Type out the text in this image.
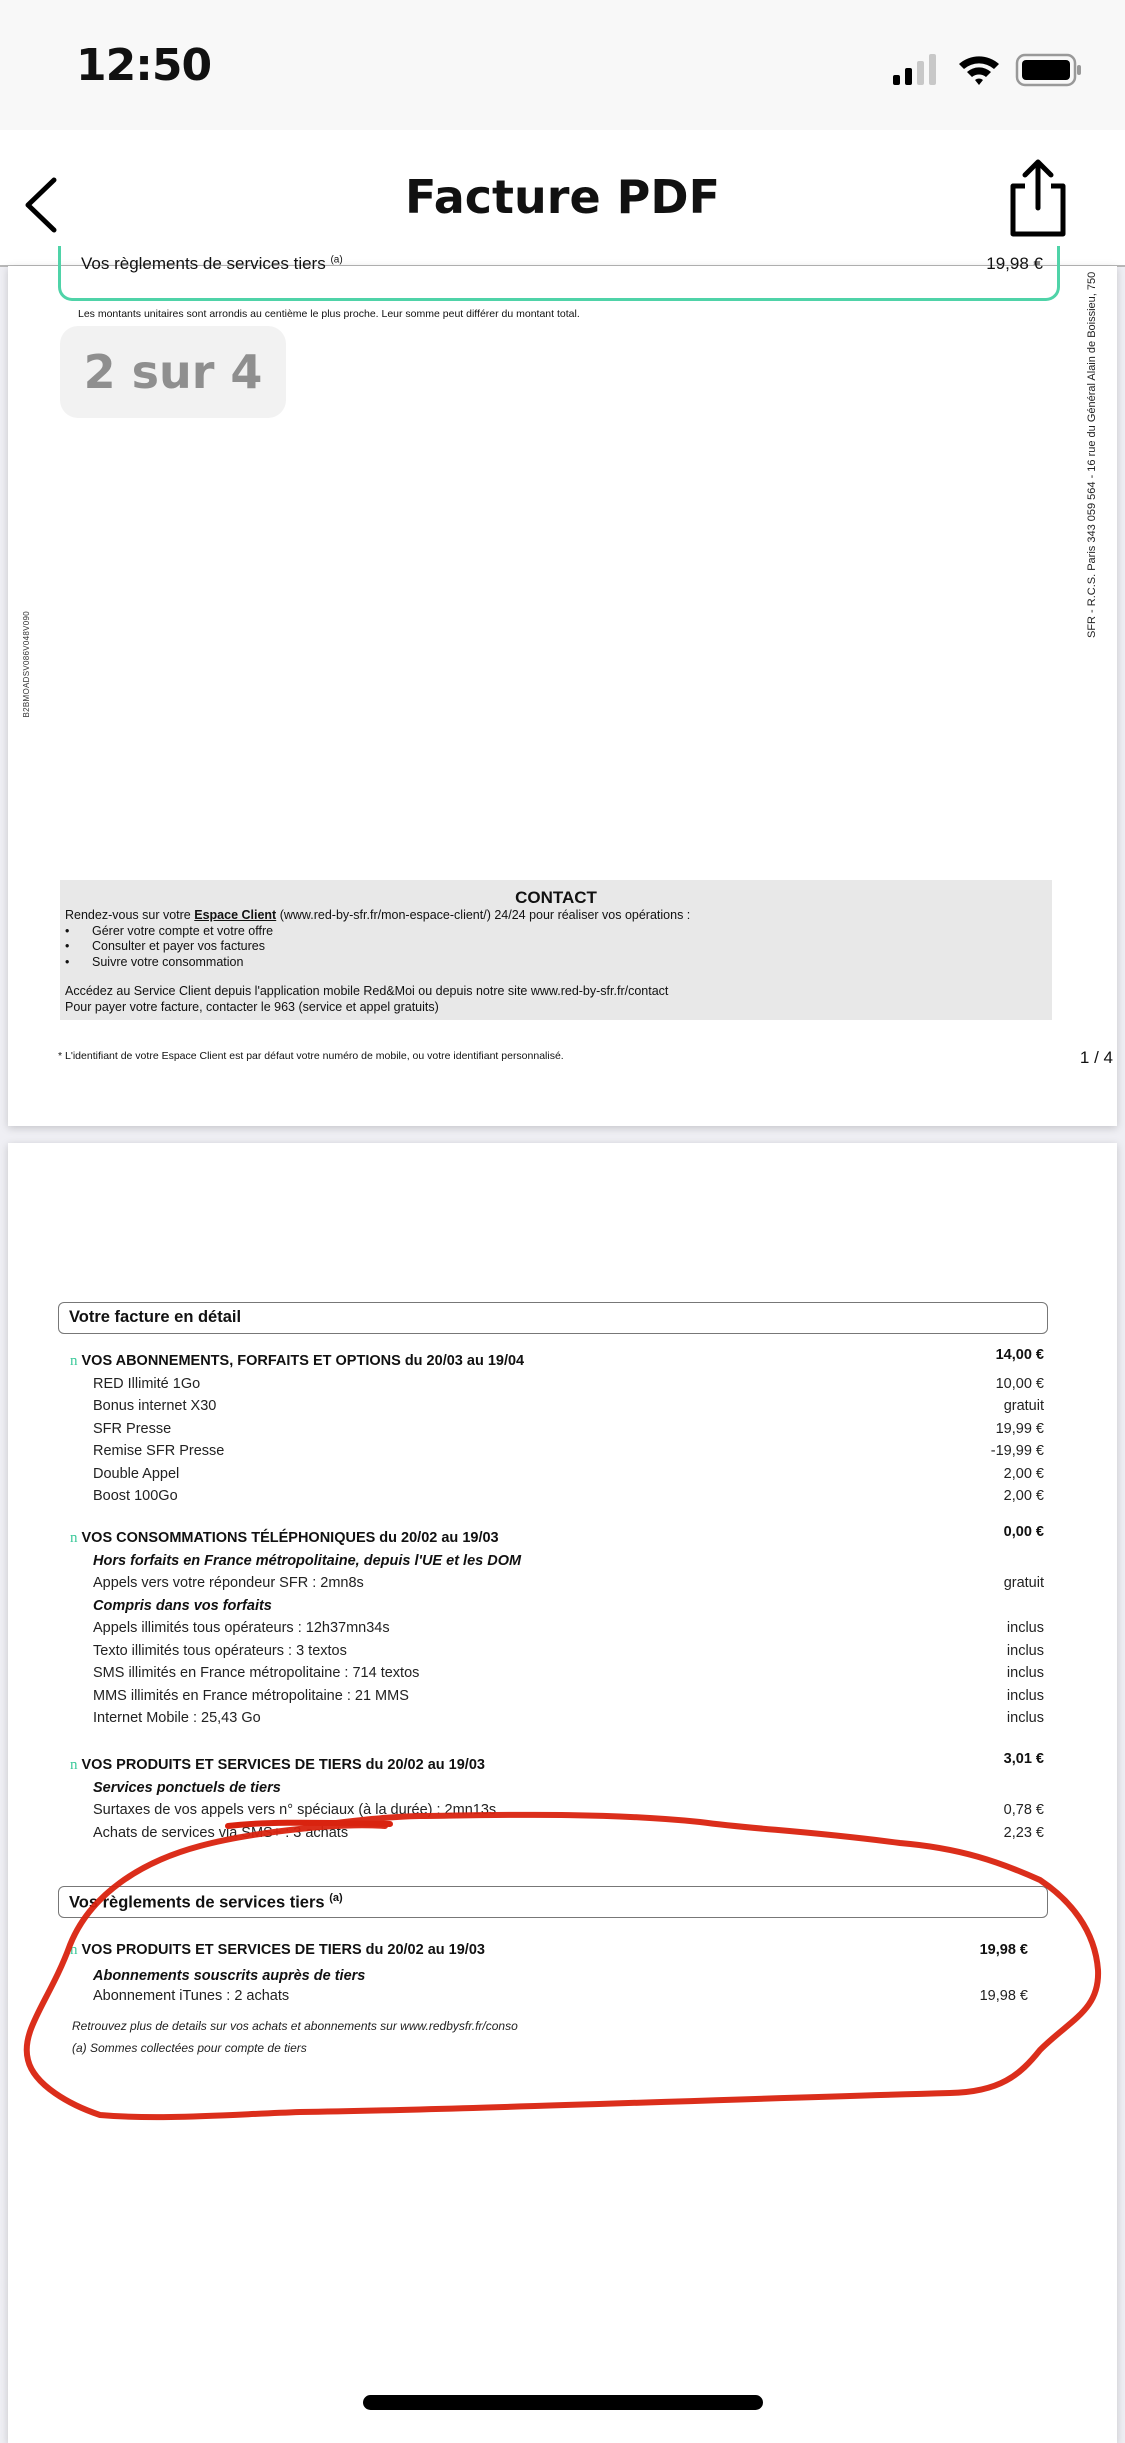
12:50
Facture PDF
Vos règlements de services tiers $^{(a)}$	19,98 €
Les montants unitaires sont arrondis au centième le plus proche. Leur somme peut différer du montant total.
2 sur 4
B2BMOADSV086V048V090
SFR - R.C.S. Paris 343 059 564 - 16 rue du Général Alain de Boissieu, 750
CONTACT
Rendez-vous sur votre Espace Client (www.red-by-sfr.fr/mon-espace-client/) 24/24 pour réaliser vos opérations :
• Gérer votre compte et votre offre
• Consulter et payer vos factures
• Suivre votre consommation
Accédez au Service Client depuis l'application mobile Red&Moi ou depuis notre site www.red-by-sfr.fr/contact
Pour payer votre facture, contacter le 963 (service et appel gratuits)
* L'identifiant de votre Espace Client est par défaut votre numéro de mobile, ou votre identifiant personnalisé.	1 / 4
Votre facture en détail
n VOS ABONNEMENTS, FORFAITS ET OPTIONS du 20/03 au 19/04	14,00 €
RED Illimité 1Go	10,00 €
Bonus internet X30	gratuit
SFR Presse	19,99 €
Remise SFR Presse	-19,99 €
Double Appel	2,00 €
Boost 100Go	2,00 €
n VOS CONSOMMATIONS TÉLÉPHONIQUES du 20/02 au 19/03	0,00 €
Hors forfaits en France métropolitaine, depuis l'UE et les DOM
Appels vers votre répondeur SFR : 2mn8s	gratuit
Compris dans vos forfaits
Appels illimités tous opérateurs : 12h37mn34s	inclus
Texto illimités tous opérateurs : 3 textos	inclus
SMS illimités en France métropolitaine : 714 textos	inclus
MMS illimités en France métropolitaine : 21 MMS	inclus
Internet Mobile : 25,43 Go	inclus
n VOS PRODUITS ET SERVICES DE TIERS du 20/02 au 19/03	3,01 €
Services ponctuels de tiers
Surtaxes de vos appels vers n° spéciaux (à la durée) : 2mn13s	0,78 €
Achats de services via SMS+ : 3 achats	2,23 €
Vos règlements de services tiers $^{(a)}$
n VOS PRODUITS ET SERVICES DE TIERS du 20/02 au 19/03	19,98 €
Abonnements souscrits auprès de tiers
Abonnement iTunes : 2 achats	19,98 €
Retrouvez plus de details sur vos achats et abonnements sur www.redbysfr.fr/conso
(a) Sommes collectées pour compte de tiers
